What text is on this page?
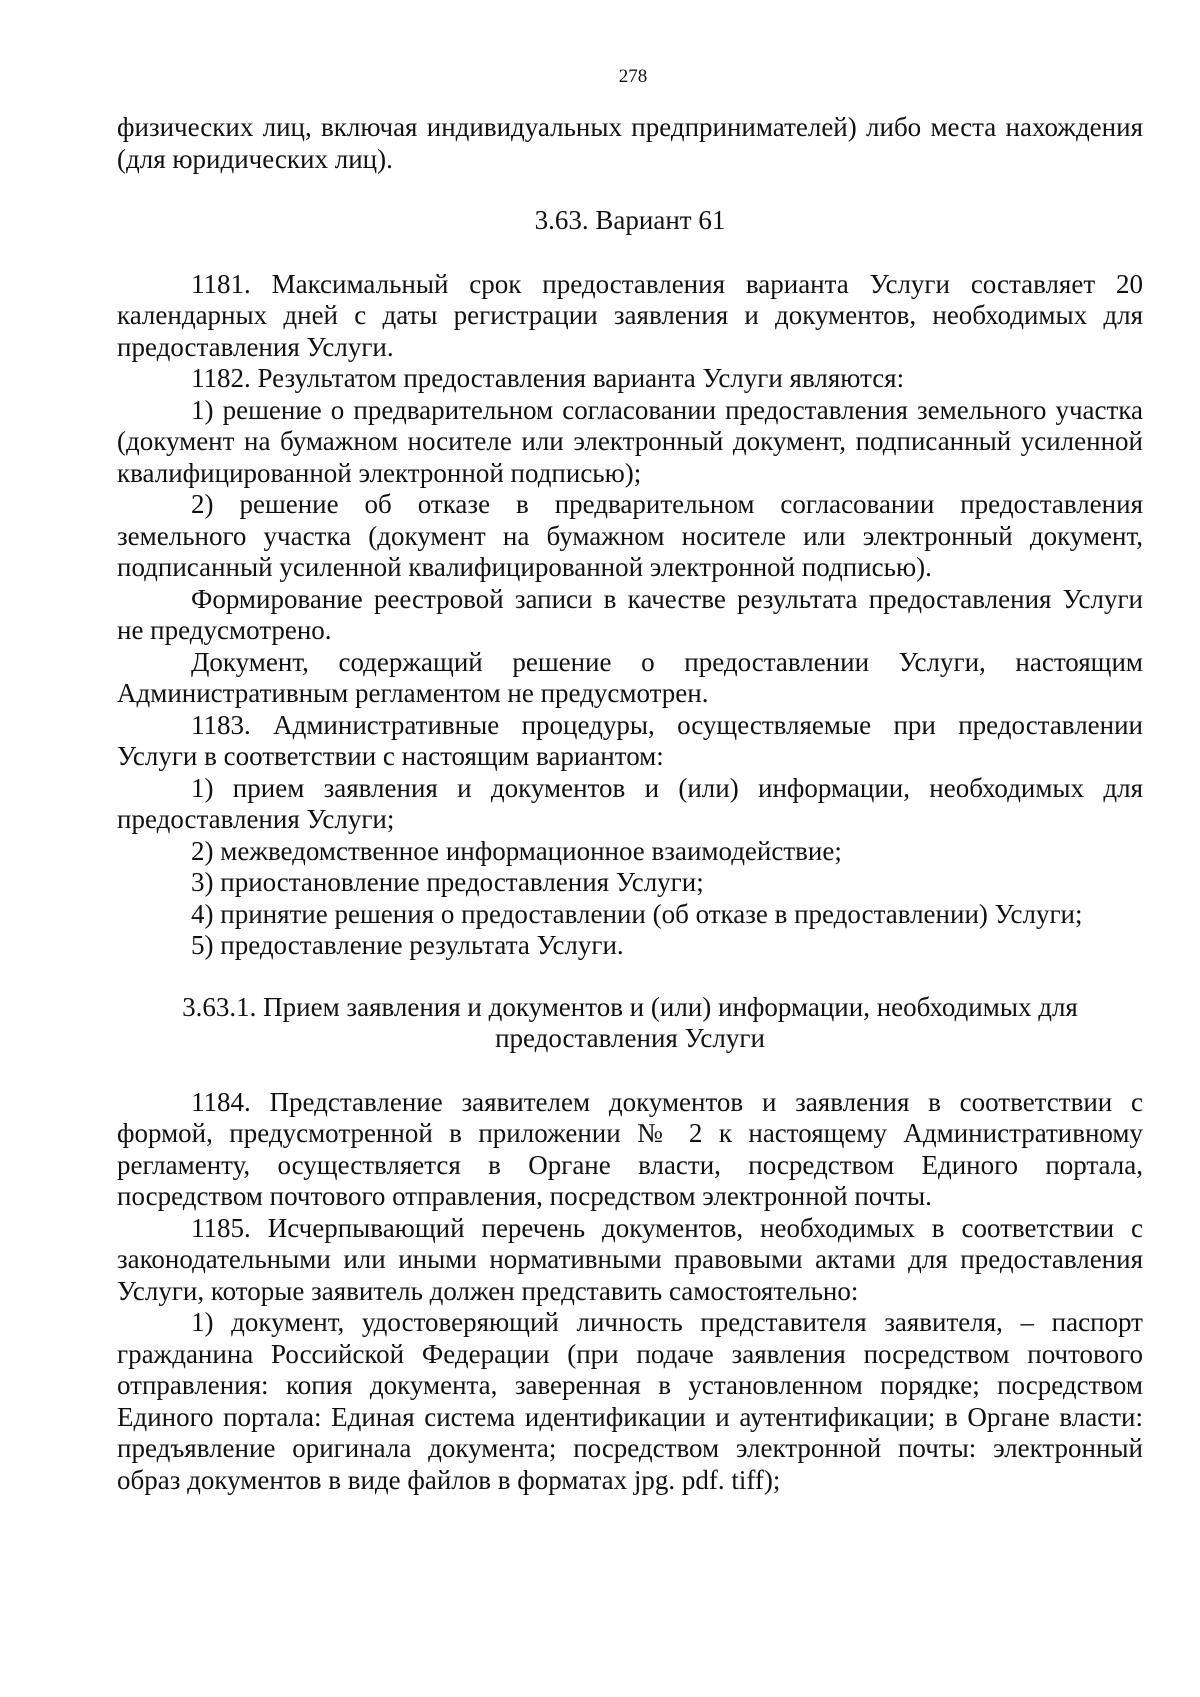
278
физических лиц, включая индивидуальных предпринимателей) либо места нахождения (для юридических лиц).
3.63. Вариант 61
1181. Максимальный срок предоставления варианта Услуги составляет 20 календарных дней с даты регистрации заявления и документов, необходимых для предоставления Услуги.
1182. Результатом предоставления варианта Услуги являются:
1) решение о предварительном согласовании предоставления земельного участка (документ на бумажном носителе или электронный документ, подписанный усиленной квалифицированной электронной подписью);
2) решение об отказе в предварительном согласовании предоставления земельного участка (документ на бумажном носителе или электронный документ, подписанный усиленной квалифицированной электронной подписью).
Формирование реестровой записи в качестве результата предоставления Услуги не предусмотрено.
Документ, содержащий решение о предоставлении Услуги, настоящим Административным регламентом не предусмотрен.
1183. Административные процедуры, осуществляемые при предоставлении Услуги в соответствии с настоящим вариантом:
1) прием заявления и документов и (или) информации, необходимых для предоставления Услуги;
2) межведомственное информационное взаимодействие;
3) приостановление предоставления Услуги;
4) принятие решения о предоставлении (об отказе в предоставлении) Услуги;
5) предоставление результата Услуги.
3.63.1. Прием заявления и документов и (или) информации, необходимых для предоставления Услуги
1184. Представление заявителем документов и заявления в соответствии с формой, предусмотренной в приложении № 2 к настоящему Административному регламенту, осуществляется в Органе власти, посредством Единого портала, посредством почтового отправления, посредством электронной почты.
1185. Исчерпывающий перечень документов, необходимых в соответствии с законодательными или иными нормативными правовыми актами для предоставления Услуги, которые заявитель должен представить самостоятельно:
1) документ, удостоверяющий личность представителя заявителя, – паспорт гражданина Российской Федерации (при подаче заявления посредством почтового отправления: копия документа, заверенная в установленном порядке; посредством Единого портала: Единая система идентификации и аутентификации; в Органе власти: предъявление оригинала документа; посредством электронной почты: электронный образ документов в виде файлов в форматах jpg. pdf. tiff);
